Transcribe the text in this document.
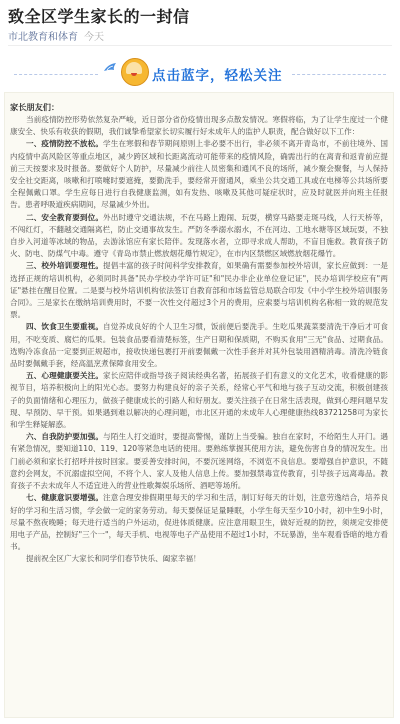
致全区学生家长的一封信
市北教育和体育 今天
点击蓝字，轻松关注

家长朋友们：

当前疫情防控形势依然复杂严峻，近日部分省份疫情出现多点散发情况。寒假将临，为了让学生度过一个健康安全、快乐有收获的假期，我们诚挚希望家长切实履行好未成年人的监护人职责，配合做好以下工作：

一、疫情防控不放松。学生在寒假和春节期间原则上非必要不出行，非必须不离开青岛市，不前往境外、国内疫情中高风险区等重点地区，减少跨区域和长距离流动可能带来的疫情风险，确需出行的在离青和返青前应提前三天按要求及时报备。要做好个人防护，尽量减少前往人员密集和通风不良的场所，减少聚会聚餐，与人保持安全社交距离，咳嗽和打喷嚏时要遮掩，要勤洗手，要经常开窗通风，乘坐公共交通工具或在电梯等公共场所要全程佩戴口罩。学生应每日进行自我健康监测，如有发热、咳嗽及其他可疑症状时，应及时就医并向班主任报告。患者呼吸道疾病期间，尽量减少外出。

二、安全教育要到位。外出时遵守交通法规，不在马路上跑闹、玩耍，横穿马路要走斑马线，人行天桥等，不闯红灯，不翻越交通隔离栏，防止交通事故发生。严防冬季溺水溺水，不在河边、工地水塘等区域玩耍，不独自步入河道等冰域的物品，去游泳馆应有家长陪伴。发现落水者，立即寻求成人帮助，不盲目施救。教育孩子防火、防电、防煤气中毒。遵守《青岛市禁止燃放烟花爆竹规定》，在市内区禁燃区域燃放烟花爆竹。

三、校外培训要理性。提倡丰富的孩子时间科学安排教育，如果确有需要参加校外培训，家长应做到：一是选择正规的培训机构，必须同时具备"民办学校办学许可证"和"民办非企业单位登记证"，民办培训学校应有"两证"悬挂在醒目位置。二是要与校外培训机构依法签订自教育部和市场监管总局联合印发《中小学生校外培训服务合同》。三是家长在缴纳培训费用时，不要一次性交付超过3个月的费用，应索要与培训机构名称相一致的规范发票。

四、饮食卫生要重视。自觉养成良好的个人卫生习惯，饭前便后要洗手。生吃瓜果蔬菜要清洗干净后才可食用，不吃变质、腐烂的瓜果。包装食品要看清楚标签，生产日期和保质期，不购买食用"三无"食品、过期食品。选购冷冻食品一定要到正规超市，接收快递包裹打开前要佩戴一次性手套并对其外包装用酒精消毒。清洗冷链食品时要佩戴手套，经高温烹煮保障食用安全。

五、心理健康要关注。家长应陪伴或指导孩子阅读经典名著，拓展孩子们有意义的文化艺术，收看健康的影视节目，培养积极向上的阳光心态。要努力构建良好的亲子关系，经常心平气和地与孩子互动交流，积极创建孩子的负面情绪和心理压力，做孩子健康成长的引路人和好朋友。要关注孩子在日常生活表现，做到心理问题早发现、早预防、早干预。如果遇到难以解决的心理问题，市北区开通的未成年人心理健康热线83721258可为家长和学生释疑解惑。

六、自我防护要加强。与陌生人打交道时，要提高警惕，谨防上当受骗。独自在家时，不给陌生人开门。遇有紧急情况，要知道110、119、120等紧急电话的使用。要熟练掌握其使用方法，避免伤害自身的情况发生。出门前必须和家长打招呼并按时回家。要妥善安排时间，不要沉迷网络，不浏览不良信息。要增强自护意识，不随意约会网友，不沉溺虚拟空间，不将个人、家人及他人信息上传。要加强禁毒宣传教育，引导孩子远离毒品。教育孩子不去未成年人不适宜进入的营业性歌舞娱乐场所、酒吧等场所。

七、健康意识要增强。注意合理安排假期里每天的学习和生活，制订好每天的计划，注意劳逸结合，培养良好的学习和生活习惯，学会做一定的家务劳动。每天要保证足量睡眠，小学生每天至少10小时，初中生9小时，尽量不熬夜晚睡；每天进行适当的户外运动，促进体质健康。应注意用眼卫生，做好近视的防控，须规定安排使用电子产品，控制好"三个一"，每天手机、电视等电子产品使用不超过1小时，不玩暴游，坐车观看昏暗的地方看书。

提前祝全区广大家长和同学们春节快乐、阖家幸福！
